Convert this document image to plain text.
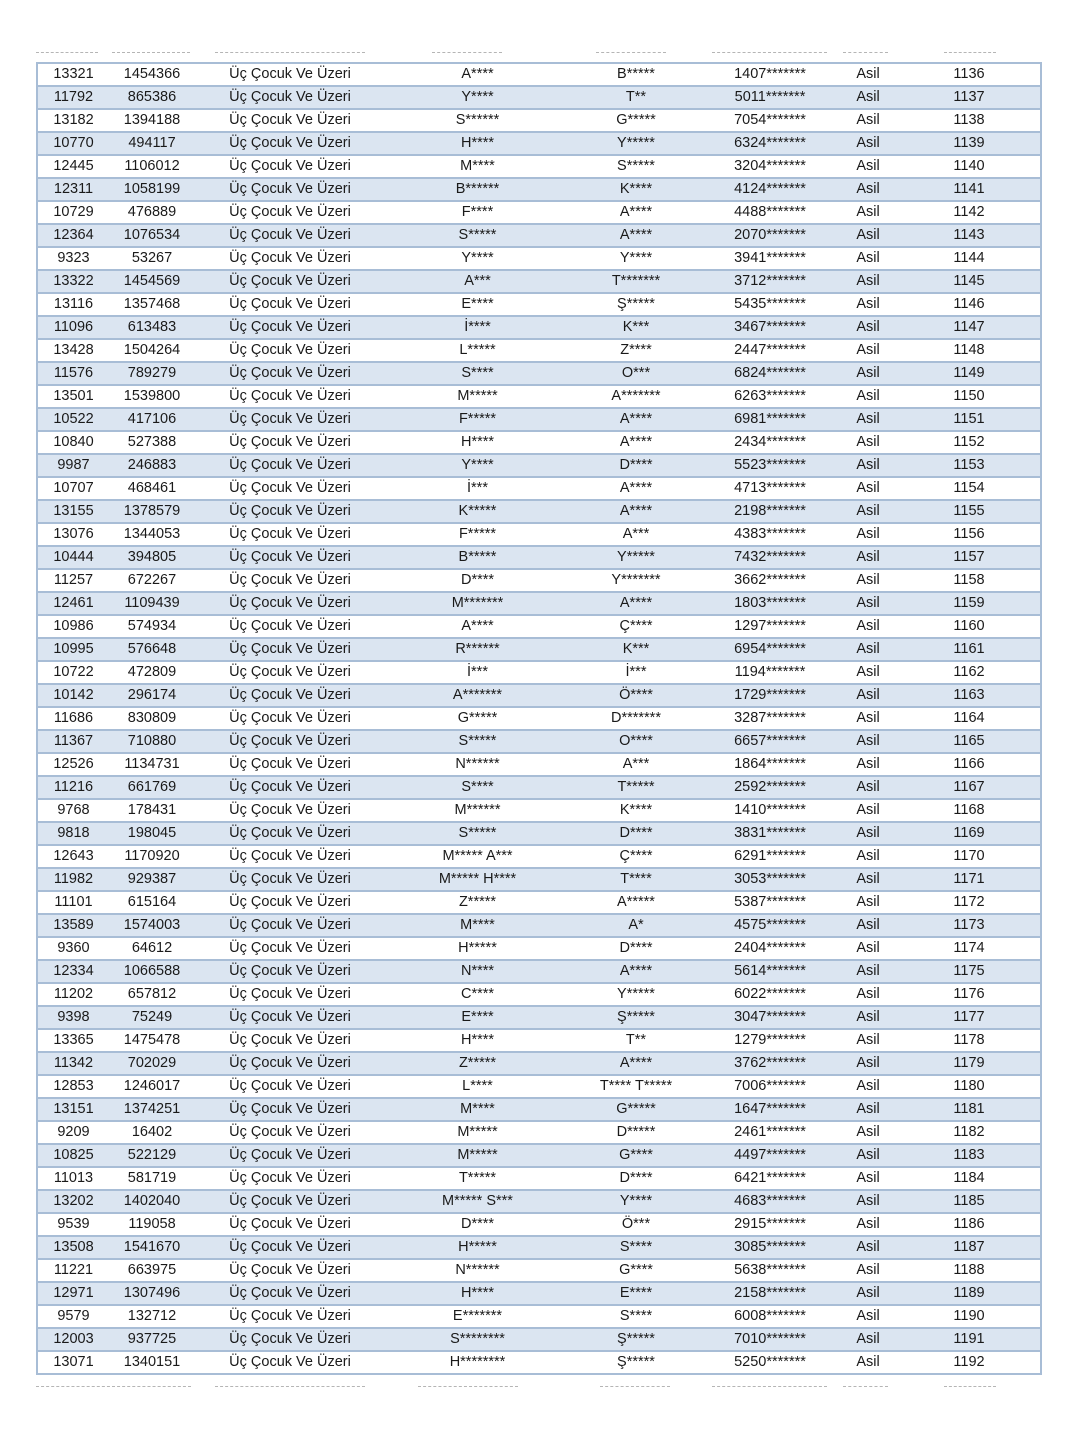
13321	1454366	Üç Çocuk Ve Üzeri	A****	B*****	1407*******	Asil	1136
11792	865386	Üç Çocuk Ve Üzeri	Y****	T**	5011*******	Asil	1137
13182	1394188	Üç Çocuk Ve Üzeri	S******	G*****	7054*******	Asil	1138
10770	494117	Üç Çocuk Ve Üzeri	H****	Y*****	6324*******	Asil	1139
12445	1106012	Üç Çocuk Ve Üzeri	M****	S*****	3204*******	Asil	1140
12311	1058199	Üç Çocuk Ve Üzeri	B******	K****	4124*******	Asil	1141
10729	476889	Üç Çocuk Ve Üzeri	F****	A****	4488*******	Asil	1142
12364	1076534	Üç Çocuk Ve Üzeri	S*****	A****	2070*******	Asil	1143
9323	53267	Üç Çocuk Ve Üzeri	Y****	Y****	3941*******	Asil	1144
13322	1454569	Üç Çocuk Ve Üzeri	A***	T*******	3712*******	Asil	1145
13116	1357468	Üç Çocuk Ve Üzeri	E****	Ş*****	5435*******	Asil	1146
11096	613483	Üç Çocuk Ve Üzeri	İ****	K***	3467*******	Asil	1147
13428	1504264	Üç Çocuk Ve Üzeri	L*****	Z****	2447*******	Asil	1148
11576	789279	Üç Çocuk Ve Üzeri	S****	O***	6824*******	Asil	1149
13501	1539800	Üç Çocuk Ve Üzeri	M*****	A*******	6263*******	Asil	1150
10522	417106	Üç Çocuk Ve Üzeri	F*****	A****	6981*******	Asil	1151
10840	527388	Üç Çocuk Ve Üzeri	H****	A****	2434*******	Asil	1152
9987	246883	Üç Çocuk Ve Üzeri	Y****	D****	5523*******	Asil	1153
10707	468461	Üç Çocuk Ve Üzeri	İ***	A****	4713*******	Asil	1154
13155	1378579	Üç Çocuk Ve Üzeri	K*****	A****	2198*******	Asil	1155
13076	1344053	Üç Çocuk Ve Üzeri	F*****	A***	4383*******	Asil	1156
10444	394805	Üç Çocuk Ve Üzeri	B*****	Y*****	7432*******	Asil	1157
11257	672267	Üç Çocuk Ve Üzeri	D****	Y*******	3662*******	Asil	1158
12461	1109439	Üç Çocuk Ve Üzeri	M*******	A****	1803*******	Asil	1159
10986	574934	Üç Çocuk Ve Üzeri	A****	Ç****	1297*******	Asil	1160
10995	576648	Üç Çocuk Ve Üzeri	R******	K***	6954*******	Asil	1161
10722	472809	Üç Çocuk Ve Üzeri	İ***	İ***	1194*******	Asil	1162
10142	296174	Üç Çocuk Ve Üzeri	A*******	Ö****	1729*******	Asil	1163
11686	830809	Üç Çocuk Ve Üzeri	G*****	D*******	3287*******	Asil	1164
11367	710880	Üç Çocuk Ve Üzeri	S*****	O****	6657*******	Asil	1165
12526	1134731	Üç Çocuk Ve Üzeri	N******	A***	1864*******	Asil	1166
11216	661769	Üç Çocuk Ve Üzeri	S****	T*****	2592*******	Asil	1167
9768	178431	Üç Çocuk Ve Üzeri	M******	K****	1410*******	Asil	1168
9818	198045	Üç Çocuk Ve Üzeri	S*****	D****	3831*******	Asil	1169
12643	1170920	Üç Çocuk Ve Üzeri	M***** A***	Ç****	6291*******	Asil	1170
11982	929387	Üç Çocuk Ve Üzeri	M***** H****	T****	3053*******	Asil	1171
11101	615164	Üç Çocuk Ve Üzeri	Z*****	A*****	5387*******	Asil	1172
13589	1574003	Üç Çocuk Ve Üzeri	M****	A*	4575*******	Asil	1173
9360	64612	Üç Çocuk Ve Üzeri	H*****	D****	2404*******	Asil	1174
12334	1066588	Üç Çocuk Ve Üzeri	N****	A****	5614*******	Asil	1175
11202	657812	Üç Çocuk Ve Üzeri	C****	Y*****	6022*******	Asil	1176
9398	75249	Üç Çocuk Ve Üzeri	E****	Ş*****	3047*******	Asil	1177
13365	1475478	Üç Çocuk Ve Üzeri	H****	T**	1279*******	Asil	1178
11342	702029	Üç Çocuk Ve Üzeri	Z*****	A****	3762*******	Asil	1179
12853	1246017	Üç Çocuk Ve Üzeri	L****	T**** T*****	7006*******	Asil	1180
13151	1374251	Üç Çocuk Ve Üzeri	M****	G*****	1647*******	Asil	1181
9209	16402	Üç Çocuk Ve Üzeri	M*****	D*****	2461*******	Asil	1182
10825	522129	Üç Çocuk Ve Üzeri	M*****	G****	4497*******	Asil	1183
11013	581719	Üç Çocuk Ve Üzeri	T*****	D****	6421*******	Asil	1184
13202	1402040	Üç Çocuk Ve Üzeri	M***** S***	Y****	4683*******	Asil	1185
9539	119058	Üç Çocuk Ve Üzeri	D****	Ö***	2915*******	Asil	1186
13508	1541670	Üç Çocuk Ve Üzeri	H*****	S****	3085*******	Asil	1187
11221	663975	Üç Çocuk Ve Üzeri	N******	G****	5638*******	Asil	1188
12971	1307496	Üç Çocuk Ve Üzeri	H****	E****	2158*******	Asil	1189
9579	132712	Üç Çocuk Ve Üzeri	E*******	S****	6008*******	Asil	1190
12003	937725	Üç Çocuk Ve Üzeri	S********	Ş*****	7010*******	Asil	1191
13071	1340151	Üç Çocuk Ve Üzeri	H********	Ş*****	5250*******	Asil	1192
